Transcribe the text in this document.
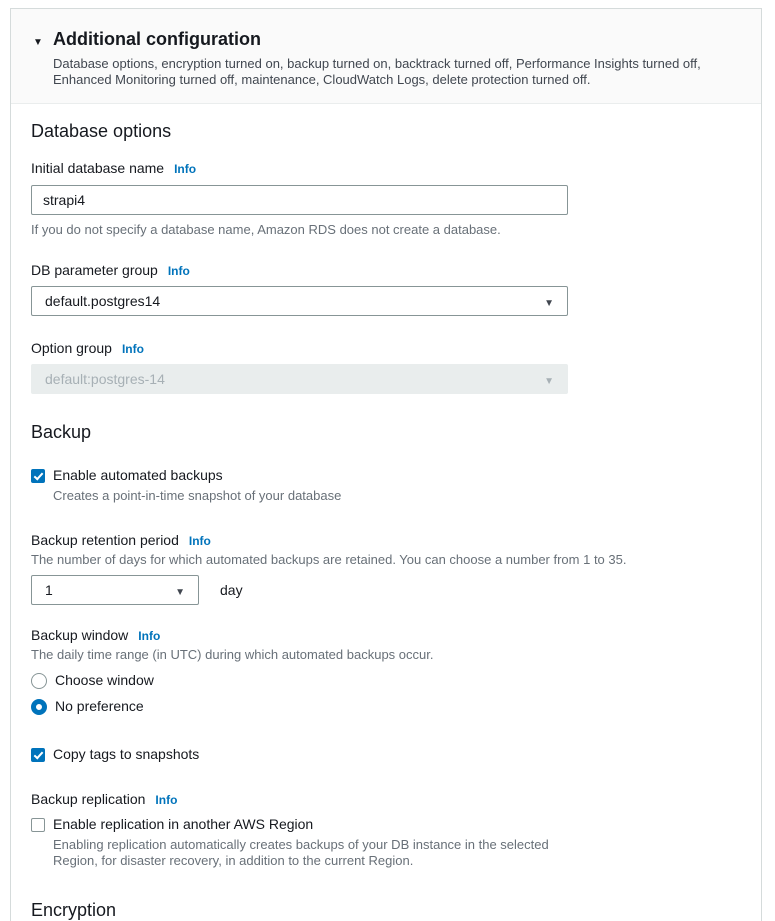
▼
Additional configuration
Database options, encryption turned on, backup turned on, backtrack turned off, Performance Insights turned off, Enhanced Monitoring turned off, maintenance, CloudWatch Logs, delete protection turned off.
Database options
Initial database name Info
strapi4
If you do not specify a database name, Amazon RDS does not create a database.
DB parameter group Info
default.postgres14
▼
Option group Info
default:postgres-14
▼
Backup
Enable automated backups
Creates a point-in-time snapshot of your database
Backup retention period Info
The number of days for which automated backups are retained. You can choose a number from 1 to 35.
1 ▼	day
Backup window Info
The daily time range (in UTC) during which automated backups occur.
Choose window
No preference
Copy tags to snapshots
Backup replication Info
Enable replication in another AWS Region
Enabling replication automatically creates backups of your DB instance in the selected Region, for disaster recovery, in addition to the current Region.
Encryption
